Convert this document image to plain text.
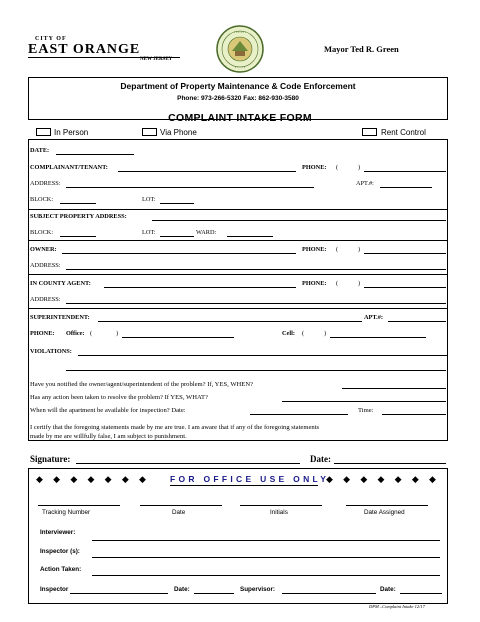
CITY OF
EAST ORANGE
NEW JERSEY
• • • • • •
• • • • •
Mayor Ted R. Green
Department of Property Maintenance & Code Enforcement
Phone: 973-266-5320 Fax: 862-930-3580
COMPLAINT INTAKE FORM
In Person	Via Phone	Rent Control
DATE:
COMPLAINANT/TENANT:	PHONE: (	)
ADDRESS:	APT.#:
BLOCK:	LOT:
SUBJECT PROPERTY ADDRESS:
BLOCK:	LOT:	WARD:
OWNER:	PHONE: (	)
ADDRESS:
IN COUNTY AGENT:	PHONE: (	)
ADDRESS:
SUPERINTENDENT:	APT.#:
PHONE: Office: (	)	Cell: (	)
VIOLATIONS:
Have you notified the owner/agent/superintendent of the problem? If, YES, WHEN?
Has any action been taken to resolve the problem? If YES, WHAT?
When will the apartment be available for inspection? Date:	Time:
I certify that the foregoing statements made by me are true. I am aware that if any of the foregoing statements
made by me are willfully false, I am subject to punishment.
Signature:	Date:
◆ ◆ ◆ ◆ ◆ ◆ ◆ FOR OFFICE USE ONLY
◆ ◆ ◆ ◆ ◆ ◆ ◆
Tracking Number	Date	Initials	Date Assigned
Interviewer:
Inspector (s):
Action Taken:
Inspector	Date:	Supervisor:	Date:
DPM –Complaint Intake 12/17
